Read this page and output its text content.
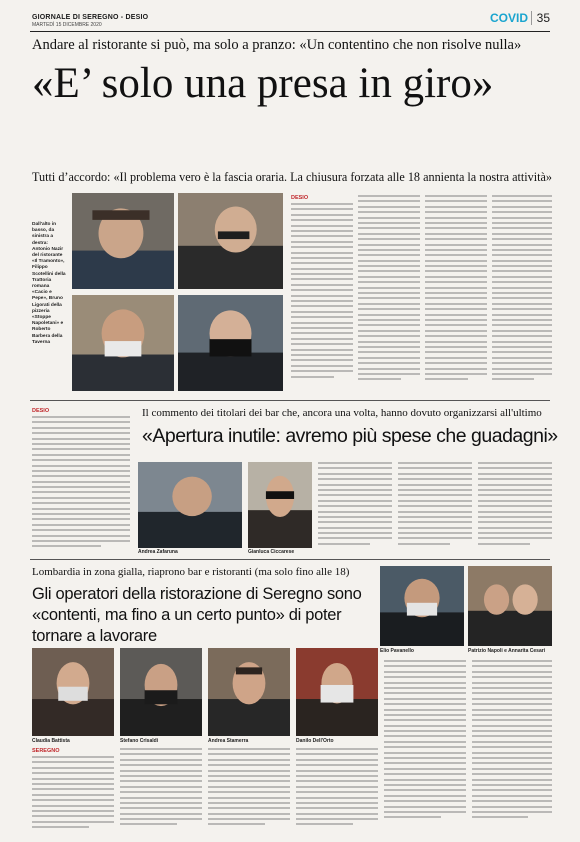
GIORNALE DI SEREGNO - DESIO
MARTEDÌ 15 DICEMBRE 2020	COVID 35
Andare al ristorante si può, ma solo a pranzo: «Un contentino che non risolve nulla»
«E’ solo una presa in giro»
Tutti d’accordo: «Il problema vero è la fascia oraria. La chiusura forzata alle 18 annienta la nostra attività»
Dall'alto in basso, da sinistra a destra: Antonio Nazir del ristorante «Il Tramonto», Filippo Scotellini della Trattoria romana «Cacio e Pepe», Bruno Ligorati della pizzeria «Stoppe Napoletani» e Roberto Barbera della Taverna
DESIO
DESIO	Il commento dei titolari dei bar che, ancora una volta, hanno dovuto organizzarsi all'ultimo
«Apertura inutile: avremo più spese che guadagni»
Andrea Zafaruna	Gianluca Ciccarese
Lombardia in zona gialla, riaprono bar e ristoranti (ma solo fino alle 18)
Gli operatori della ristorazione di Seregno sono «contenti, ma fino a un certo punto» di poter tornare a lavorare
Elio Pavanello	Patrizio Napoli e Annarita Cesari
Claudia Battista	Stefano Crisaldi	Andrea Stamerra	Danilo Dell'Orto
SEREGNO
